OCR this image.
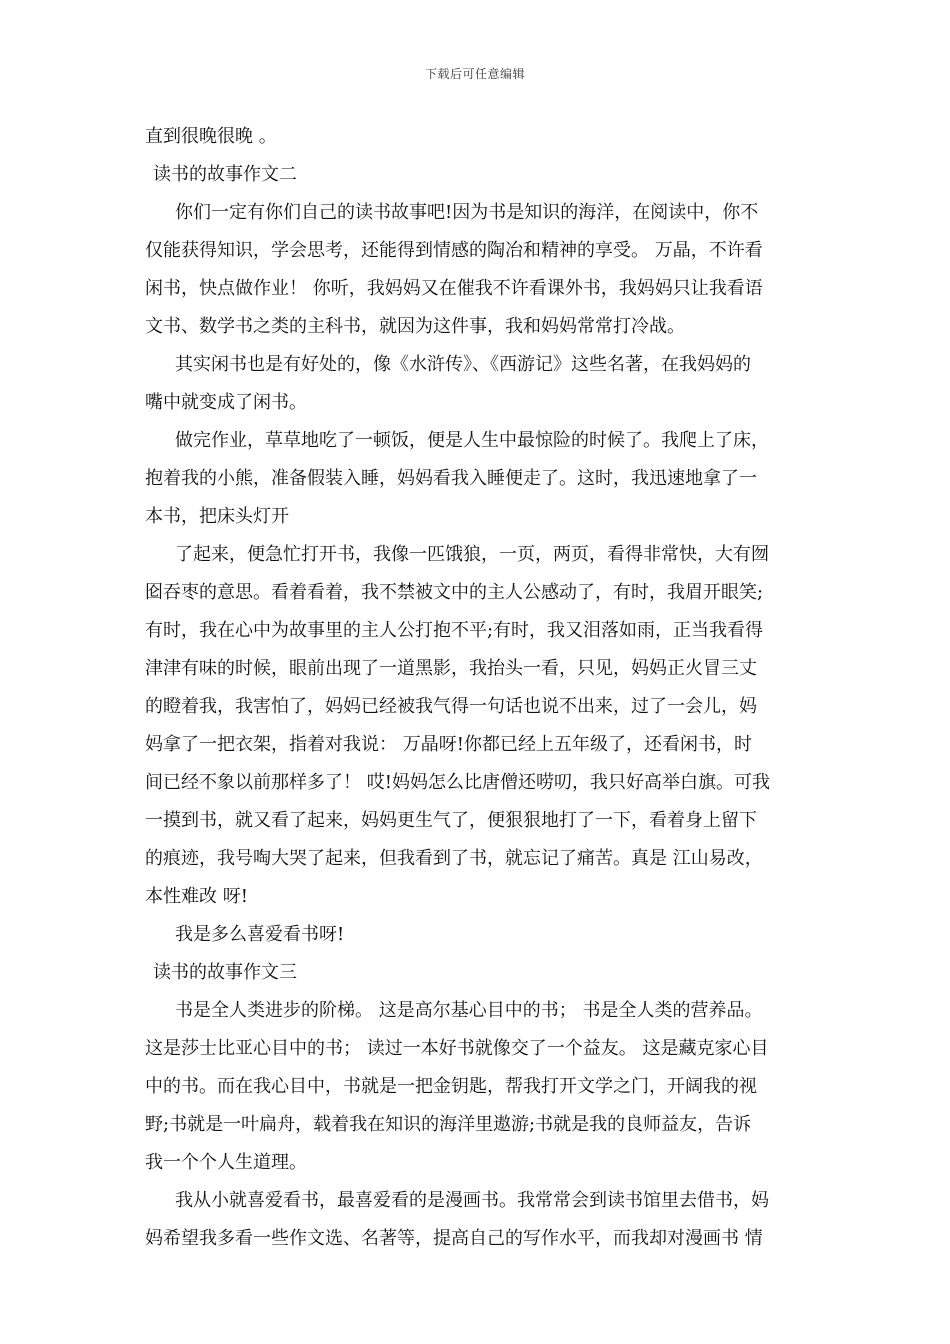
下载后可任意编辑
直到很晚很晚 。
读书的故事作文二
你们一定有你们自己的读书故事吧!因为书是知识的海洋，在阅读中，你不
仅能获得知识，学会思考，还能得到情感的陶冶和精神的享受。 万晶，不许看
闲书，快点做作业！ 你听，我妈妈又在催我不许看课外书，我妈妈只让我看语
文书、数学书之类的主科书，就因为这件事，我和妈妈常常打冷战。
其实闲书也是有好处的，像《水浒传》、《西游记》这些名著，在我妈妈的
嘴中就变成了闲书。
做完作业，草草地吃了一顿饭，便是人生中最惊险的时候了。我爬上了床，
抱着我的小熊，准备假装入睡，妈妈看我入睡便走了。这时，我迅速地拿了一
本书，把床头灯开
了起来，便急忙打开书，我像一匹饿狼，一页，两页，看得非常快，大有囫
囵吞枣的意思。看着看着，我不禁被文中的主人公感动了，有时，我眉开眼笑;
有时，我在心中为故事里的主人公打抱不平;有时，我又泪落如雨，正当我看得
津津有味的时候，眼前出现了一道黑影，我抬头一看，只见，妈妈正火冒三丈
的瞪着我，我害怕了，妈妈已经被我气得一句话也说不出来，过了一会儿，妈
妈拿了一把衣架，指着对我说： 万晶呀!你都已经上五年级了，还看闲书，时
间已经不象以前那样多了！ 哎!妈妈怎么比唐僧还唠叨，我只好高举白旗。可我
一摸到书，就又看了起来，妈妈更生气了，便狠狠地打了一下，看着身上留下
的痕迹，我号啕大哭了起来，但我看到了书，就忘记了痛苦。真是 江山易改，
本性难改 呀!
我是多么喜爱看书呀!
读书的故事作文三
书是全人类进步的阶梯。 这是高尔基心目中的书； 书是全人类的营养品。
这是莎士比亚心目中的书； 读过一本好书就像交了一个益友。 这是藏克家心目
中的书。而在我心目中，书就是一把金钥匙，帮我打开文学之门，开阔我的视
野;书就是一叶扁舟，载着我在知识的海洋里遨游;书就是我的良师益友，告诉
我一个个人生道理。
我从小就喜爱看书，最喜爱看的是漫画书。我常常会到读书馆里去借书，妈
妈希望我多看一些作文选、名著等，提高自己的写作水平，而我却对漫画书 情
